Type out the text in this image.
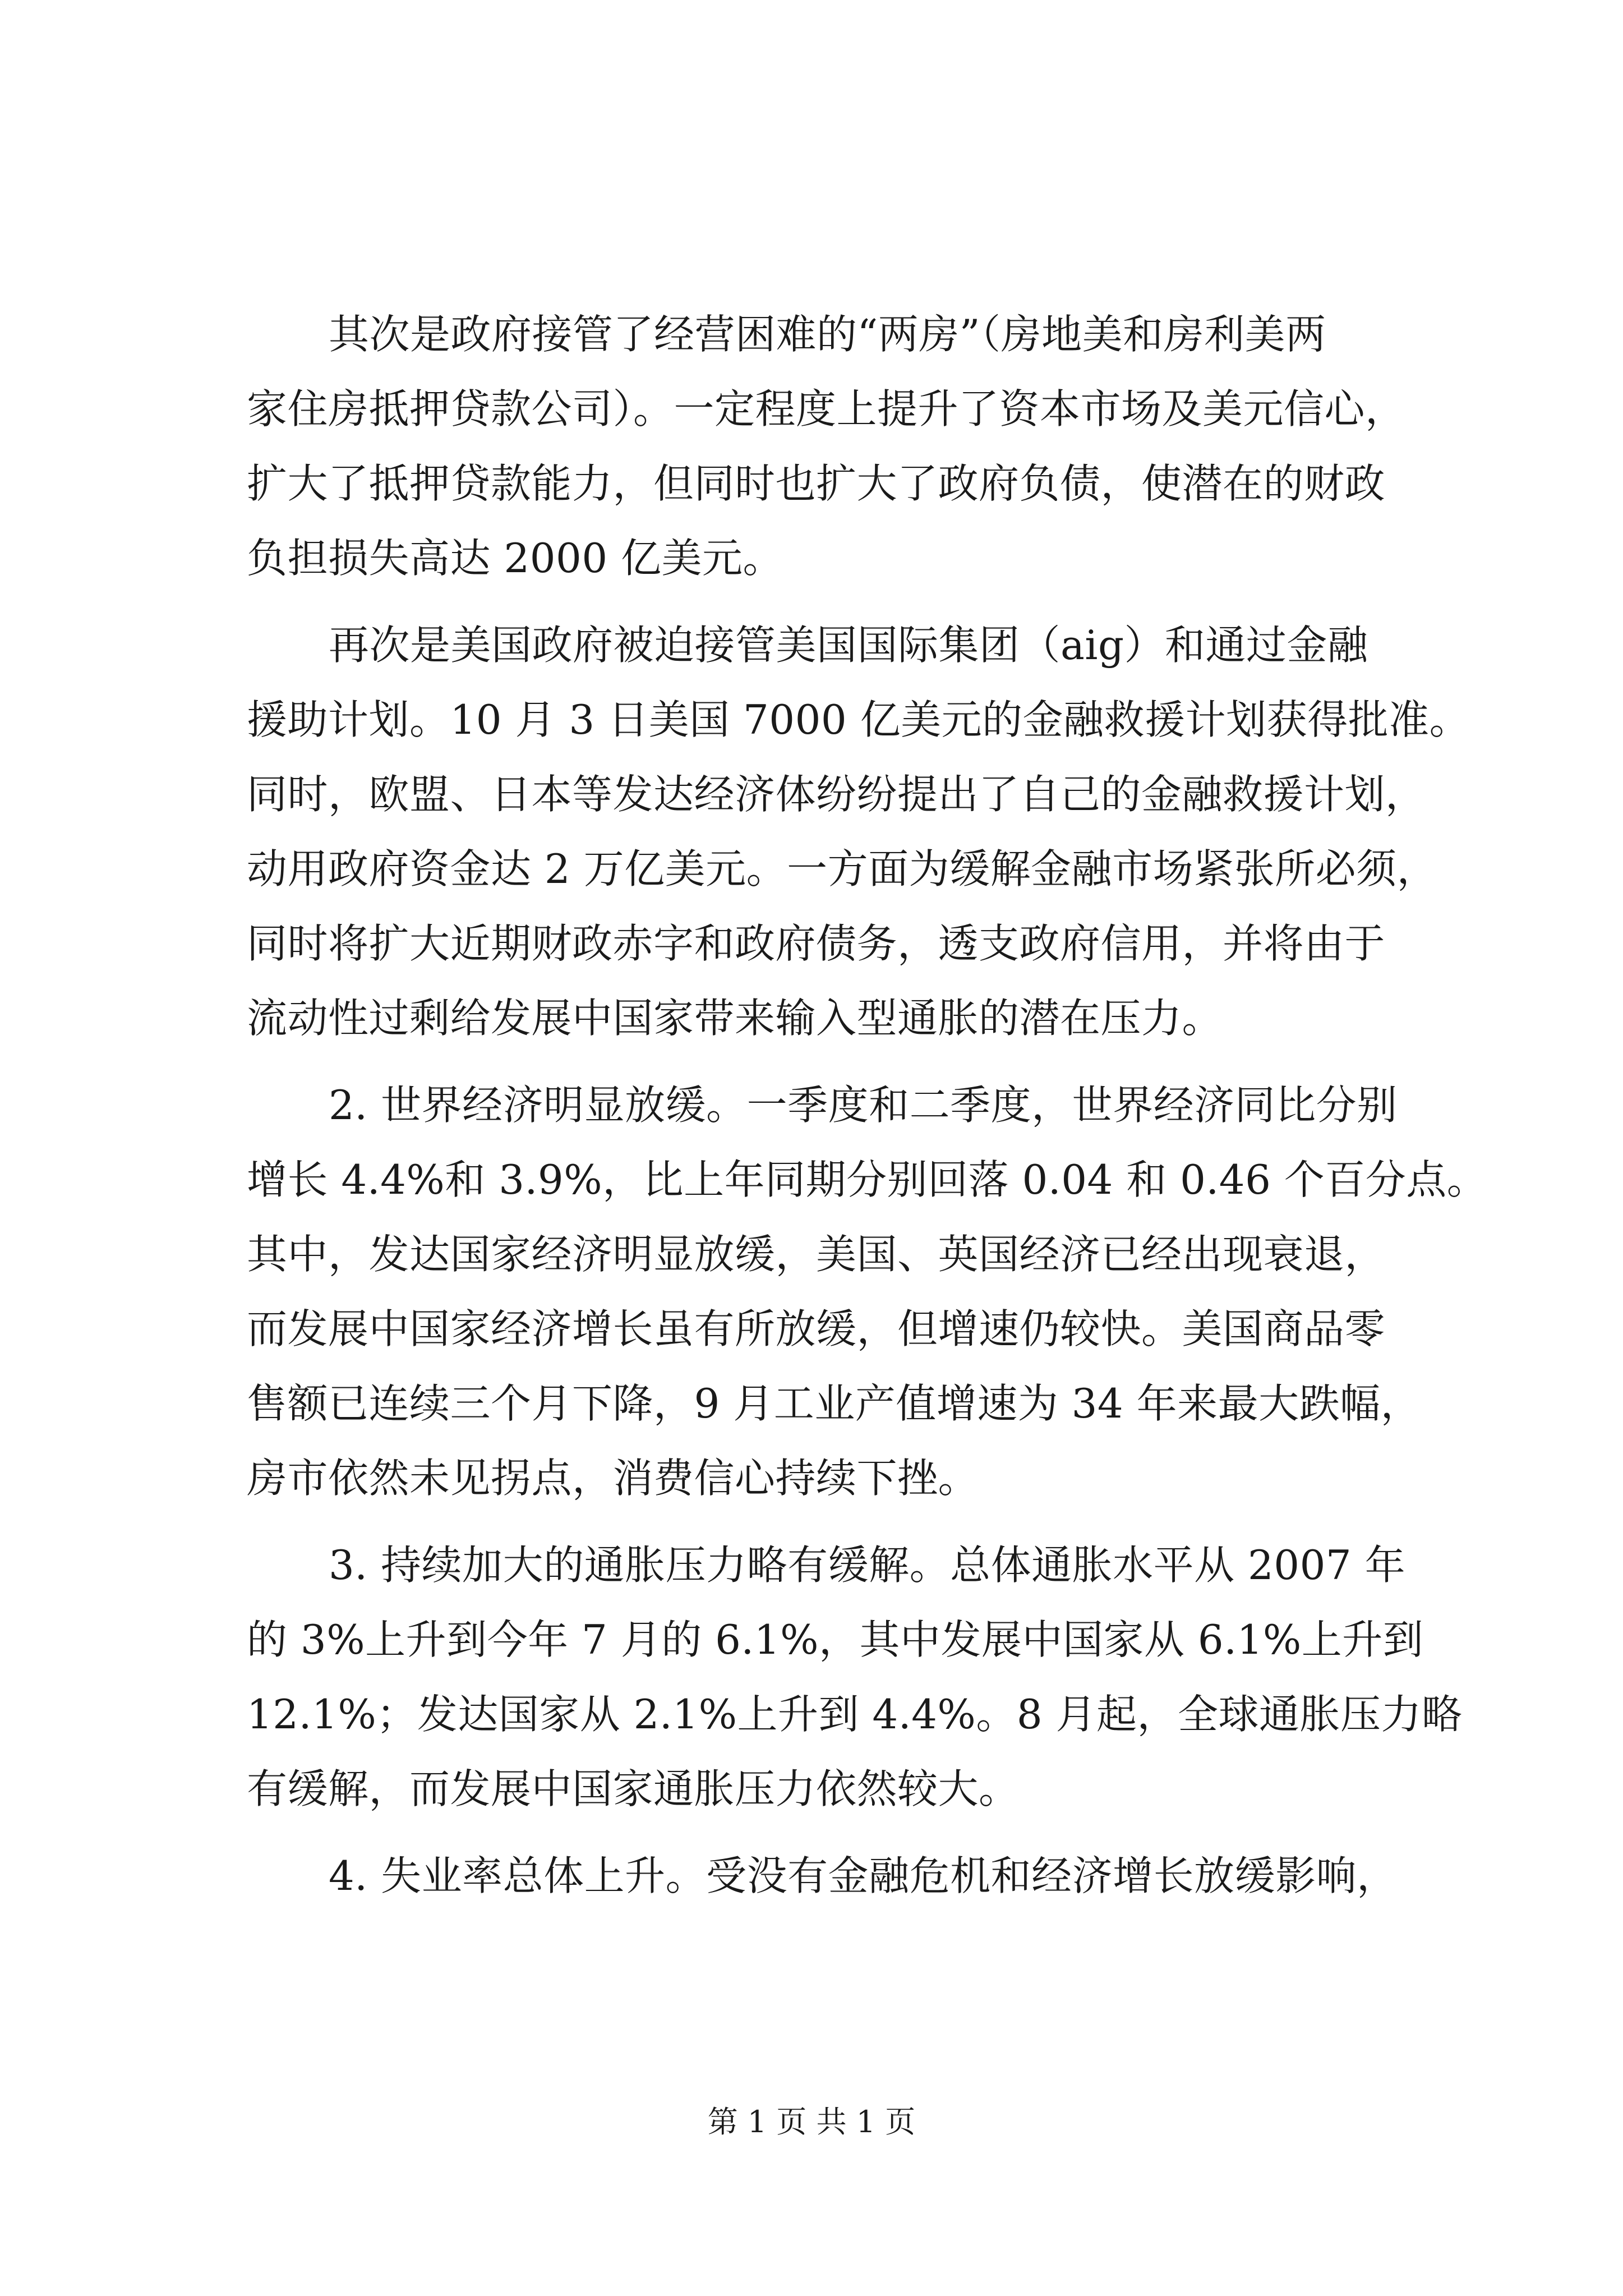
其次是政府接管了经营困难的“两房”（房地美和房利美两
家住房抵押贷款公司）。一定程度上提升了资本市场及美元信心，
扩大了抵押贷款能力，但同时也扩大了政府负债，使潜在的财政
负担损失高达 2000 亿美元。

再次是美国政府被迫接管美国国际集团（aig）和通过金融
援助计划。10 月 3 日美国 7000 亿美元的金融救援计划获得批准。
同时，欧盟、日本等发达经济体纷纷提出了自己的金融救援计划，
动用政府资金达 2 万亿美元。一方面为缓解金融市场紧张所必须，
同时将扩大近期财政赤字和政府债务，透支政府信用，并将由于
流动性过剩给发展中国家带来输入型通胀的潜在压力。

2. 世界经济明显放缓。一季度和二季度，世界经济同比分别
增长 4.4%和 3.9%，比上年同期分别回落 0.04 和 0.46 个百分点。
其中，发达国家经济明显放缓，美国、英国经济已经出现衰退，
而发展中国家经济增长虽有所放缓，但增速仍较快。美国商品零
售额已连续三个月下降，9 月工业产值增速为 34 年来最大跌幅，
房市依然未见拐点，消费信心持续下挫。

3. 持续加大的通胀压力略有缓解。总体通胀水平从 2007 年
的 3%上升到今年 7 月的 6.1%，其中发展中国家从 6.1%上升到
12.1%；发达国家从 2.1%上升到 4.4%。8 月起，全球通胀压力略
有缓解，而发展中国家通胀压力依然较大。

4. 失业率总体上升。受没有金融危机和经济增长放缓影响，

第 1 页 共 1 页
